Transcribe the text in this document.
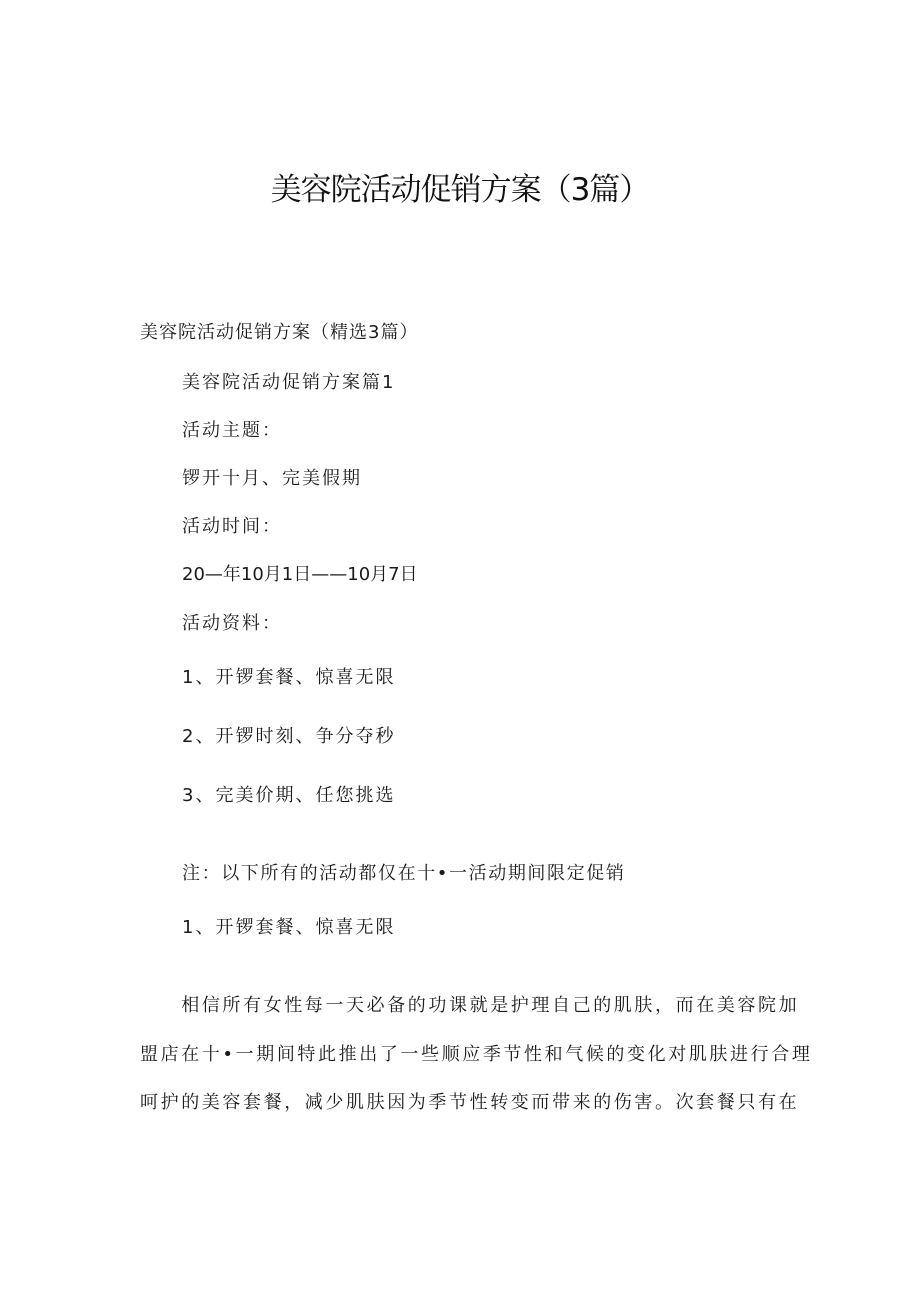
美容院活动促销方案（3篇）
美容院活动促销方案（精选3篇）
美容院活动促销方案篇1
活动主题：
锣开十月、完美假期
活动时间：
20—年10月1日——10月7日
活动资料：
1、开锣套餐、惊喜无限
2、开锣时刻、争分夺秒
3、完美价期、任您挑选
注：以下所有的活动都仅在十•一活动期间限定促销
1、开锣套餐、惊喜无限
　　相信所有女性每一天必备的功课就是护理自己的肌肤，而在美容院加
盟店在十•一期间特此推出了一些顺应季节性和气候的变化对肌肤进行合理
呵护的美容套餐，减少肌肤因为季节性转变而带来的伤害。次套餐只有在
